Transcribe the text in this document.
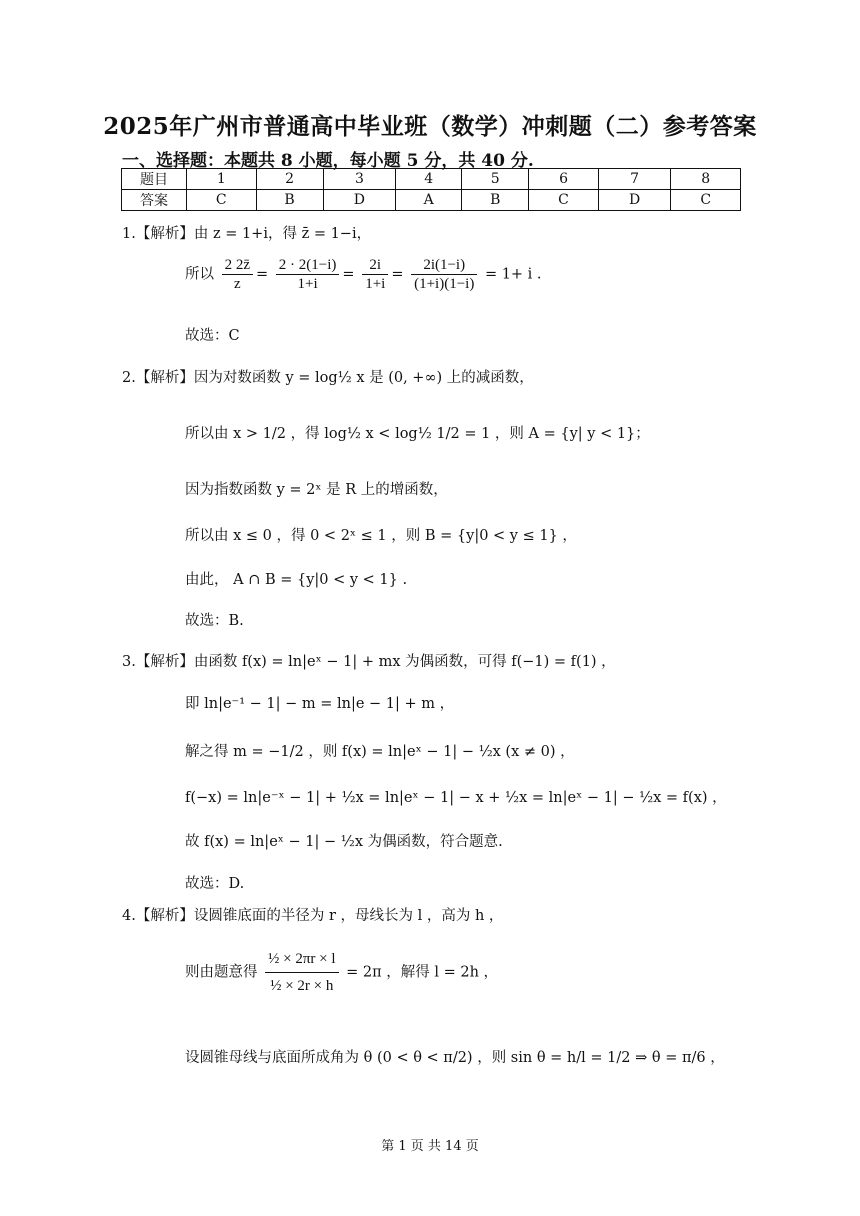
2025年广州市普通高中毕业班（数学）冲刺题（二）参考答案
一、选择题：本题共 8 小题，每小题 5 分，共 40 分.
题目	1	2	3	4	5	6	7	8
答案	C	B	D	A	B	C	D	C
1.【解析】由 z = 1+i，得 z̄ = 1−i，
所以 $\frac{2 2z̄}{z} = \frac{2 \cdot 2(1-i)}{1+i} = \frac{2i}{1+i} = \frac{2i(1-i)}{(1+i)(1-i)} = 1+ i$ .
故选：C
2.【解析】因为对数函数 y = log½ x 是 (0, +∞) 上的减函数，
所以由 x > 1/2 ，得 log½ x < log½ 1/2 = 1 ，则 A = {y| y < 1}；
因为指数函数 y = 2ˣ 是 R 上的增函数，
所以由 x ≤ 0 ，得 0 < 2ˣ ≤ 1 ，则 B = {y|0 < y ≤ 1} ，
由此， A ∩ B = {y|0 < y < 1} .
故选：B.
3.【解析】由函数 f(x) = ln|eˣ − 1| + mx 为偶函数，可得 f(−1) = f(1) ，
即 ln|e⁻¹ − 1| − m = ln|e − 1| + m ，
解之得 m = −1/2 ，则 f(x) = ln|eˣ − 1| − ½x (x ≠ 0) ，
f(−x) = ln|e⁻ˣ − 1| + ½x = ln|eˣ − 1| − x + ½x = ln|eˣ − 1| − ½x = f(x) ，
故 f(x) = ln|eˣ − 1| − ½x 为偶函数，符合题意.
故选：D.
4.【解析】设圆锥底面的半径为 r ，母线长为 l ，高为 h ，
则由题意得 $\frac{\text{½ × 2πr × l}}{\text{½ × 2r × h}} = 2\pi$ ，解得 l = 2h ，
设圆锥母线与底面所成角为 θ (0 < θ < π/2) ，则 sin θ = h/l = 1/2 ⇒ θ = π/6 ，
第 1 页 共 14 页
